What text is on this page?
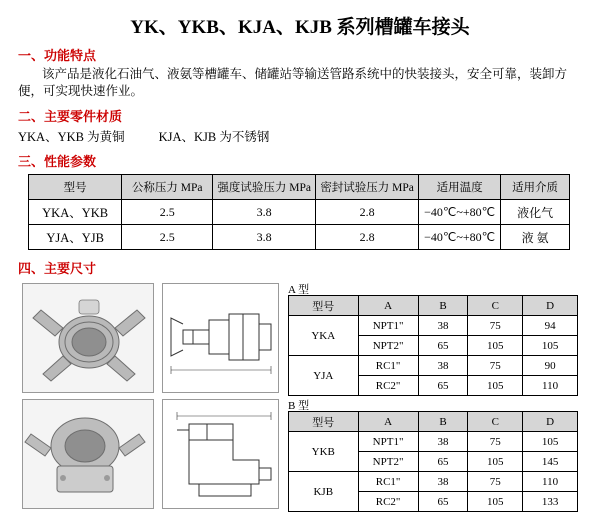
YK、YKB、KJA、KJB 系列槽罐车接头
一、功能特点
该产品是液化石油气、液氨等槽罐车、储罐站等输送管路系统中的快装接头，安全可靠，装卸方便，可实现快速作业。
二、主要零件材质
YKA、YKB 为黄铜	KJA、KJB 为不锈钢
三、性能参数
型号	公称压力 MPa	强度试验压力 MPa	密封试验压力 MPa	适用温度	适用介质
YKA、YKB	2.5	3.8	2.8	−40℃~+80℃	液化气
YJA、YJB	2.5	3.8	2.8	−40℃~+80℃	液 氨
四、主要尺寸
A 型
型号	A	B	C	D
YKA	NPT1"	38	75	94
	NPT2"	65	105	105
YJA	RC1"	38	75	90
	RC2"	65	105	110
B 型
型号	A	B	C	D
YKB	NPT1"	38	75	105
	NPT2"	65	105	145
KJB	RC1"	38	75	110
	RC2"	65	105	133
